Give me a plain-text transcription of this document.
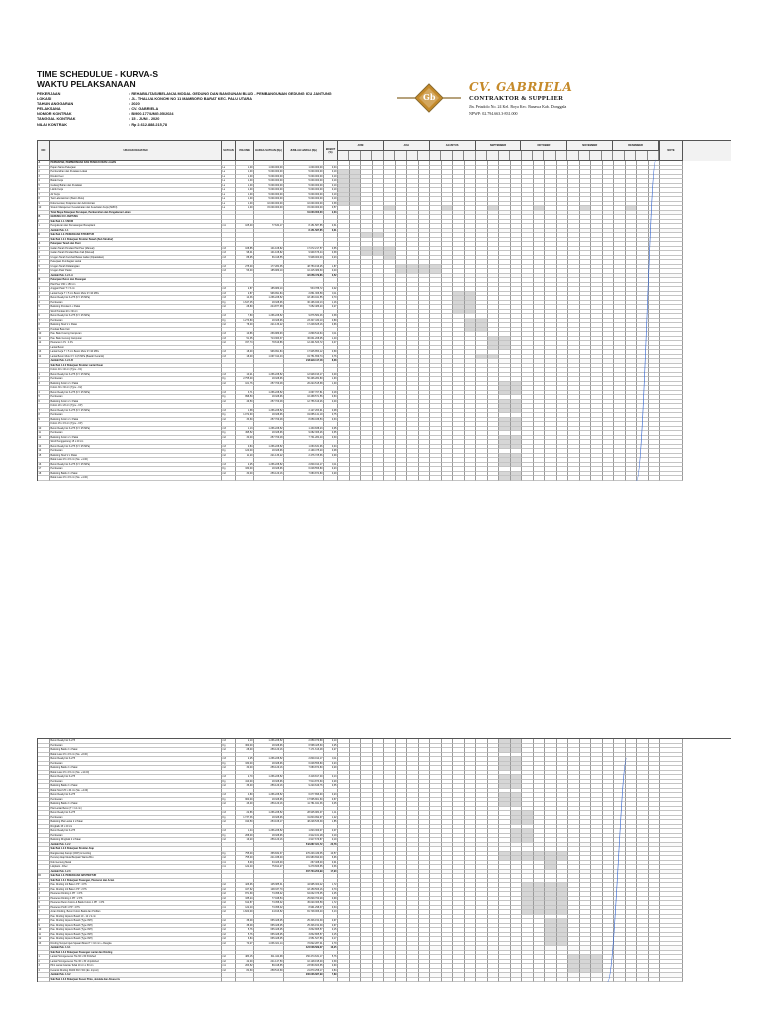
TIME SCHEDULUE - KURVA-S
WAKTU PELAKSANAAN
PEKERJAAN	: REHABILITASI/BELANJA MODAL GEDUNG DAN BANGUNAN BLUD - PEMBANGUNAN GEDUNG ICU JANTUNG
LOKASI	: JL. THALUA KONCHI NO 11 MAMBORO BARAT KEC. PALU UTARA
TAHUN ANGGARAN	: 2020
PELAKSANA	: CV. GABRIELA
NOMOR KONTRAK	: B/900.177/UMG.05/2024
TANGGAL KONTRAK	: 15 - JUNI - 2020
NILAI KONTRAK	: Rp 2.612.888.215,78
Gb
CV. GABRIELA
CONTRAKTOR & SUPPLIER
Jln. Petadolo No. 24 Kel. Boya Kec. Banawa Kab. Donggala
NPWP: 02.794.663.3-831.000
NO	URAIAN KEGIATAN	SATUAN	VOLUME	HARGA SATUAN (Rp)	JUMLAH HARGA (Rp)	BOBOT (%)
JUNI	JULI	AGUSTUS	SEPTEMBER	OKTOBER	NOVEMBER	DESEMBER
NOTE
A	PERSIAPAN, PEMBERSIHAN DAN PENGUKURAN LAHAN
1	Papan Nama Pekerjaan	Ls	1,00	1.000.000,00	1.000.000,00	0,04
2	Pembersihan dan Perataan Lokasi	Ls	1,00	5.000.000,00	5.000.000,00	0,19
3	Direksi Keet	Ls	1,00	5.000.000,00	5.000.000,00	0,19
4	Barak Kerja	Ls	1,00	5.000.000,00	5.000.000,00	0,19
5	Gudang Bahan dan Peralatan	Ls	1,00	5.000.000,00	5.000.000,00	0,19
6	Listrik Kerja	Ls	1,00	5.000.000,00	5.000.000,00	0,19
7	Air Kerja	Ls	1,00	5.000.000,00	5.000.000,00	0,19
8	Test Laboratorium (Beton Mutu)	Ls	1,00	5.000.000,00	5.000.000,00	0,19
9	Dokumentasi, Pelaporan dan Administrasi	Ls	1,00	10.000.000,00	10.000.000,00	0,38
10	Sistem Manajemen Keselamatan dan Kesehatan Kerja (SMK3)	Ls	1,00	15.000.000,00	15.000.000,00	0,57
Total Biaya Pekerjaan Persiapan, Pembersihan dan Pengukuran Lahan	61.000.000,00	2,33
B	GEDUNG ICU JANTUNG
I	Sub Bab 1.1. UMUM
1	Pengukuran dan Pemasangan Bouwplank	m1	105,00	77.634,17	8.151.587,85	0,31
Jumlah Pek. 1.1	8.151.587,85	0,31
II	Sub Bab 1.2. PEKERJAAN STRUKTUR
Sub Bab 1.2.1 Pekerjaan Struktur Bawah (Sub Struktur)
A	Pekerjaan Tanah dan Pasir
1	Galian Tanah Pondasi Plat Poer (Manual)	m3	168,85	101.108,82	17.072.217,57	0,65
2	Galian Tanah Pondasi Batu Kali (Manual)	m3	98,01	101.108,82	9.909.676,44	0,38
3	Urugan Tanah Kembali Bekas Galian (Dipadatkan)	m3	88,95	66.418,55	5.908.000,00	0,23
4	Pekerjaan Pembagian Lantai
5	Urugan Tanah Didatangkan	m3	275,00	177.284,35	48.753.196,25	1,87
6	Urugan Pasir Padat	m3	56,00	185.989,10	10.415.389,60	0,40
Jumlah Pek. 1.2.1.A	92.058.479,86	3,52
B	Pekerjaan Beton dan Pasangan
Plat Poer 150 x 150 cm
1	Anggari Pasir T = 5 cm	m3	2,87	185.989,10	533.788,72	0,02
2	Lantai Kerja T = 5 cm Beton Mutu fc'=10 MPa	m3	2,87	996.991,84	2.861.366,59	0,11
3	Beton Readymix K-275 (fc'= 25 MPa)	m3	14,36	1.266.228,52	18.183.041,55	0,70
4	Pembesian	Kg	1.647,45	18.328,96	30.196.040,13	1,16
5	Bekisting Pondasi 1 x Pakai	m2	28,80	244.877,98	7.052.486,20	0,27
Sloof Pondasi 20 x 30 cm
6	Beton Readymix K-275 (fc'= 25 MPa)	m3	7,80	1.266.228,52	9.876.582,46	0,38
7	Pembesian	Kg	1.273,80	18.328,96	23.347.430,10	0,89
8	Bekisting Sloof 2 x Pakai	m2	78,00	221.136,22	17.248.625,16	0,66
9	Pondasi Batu Kali
10	Pas. Batu Kosong Campuran	m3	10,86	266.989,93	2.899.510,64	0,11
11	Pas. Batu Gunung Campuran	m3	51,35	713.363,37	36.631.208,05	1,40
12	Plesteran 1 Pc : 4 Ps	m2	157,74	78.619,86	12.401.523,72	0,47
Lantai Beton
13	Lantai Kerja T = 5 cm Beton Mutu fc'=10 MPa	m3	18,00	996.991,84	17.945.853,12	0,69
14	Lantai Beton Mutu fc'= 14,5 MPa (Bawah Keramik)	m3	18,00	1.097.314,43	19.751.659,74	0,76
Jumlah Pek. 1.2.1.B	218.929.117,18	8,38
Sub Bab 1.2.2 Pekerjaan Struktur Lantai Dasar
Kolom 40 x 40 cm (Type - K1)
1	Beton Readymix K-275 (fc'= 25 MPa)	m3	10,21	1.266.228,52	12.928.193,17	0,49
2	Pembesian	Kg	2.755,00	18.328,96	50.496.284,80	1,93
3	Bekisting Kolom 2 x Pakai	m2	101,76	257.709,48	26.224.515,68	1,00
Kolom 30 x 30 cm (Type - K2)
4	Beton Readymix K-275 (fc'= 25 MPa)	m3	3,71	1.266.228,52	4.697.707,81	0,18
5	Pembesian	Kg	898,50	18.328,96	16.468.571,56	0,63
6	Bekisting Kolom 2 x Pakai	m2	49,50	257.709,48	12.756.619,26	0,49
Kolom 20 x 20 cm (Type - KP)
7	Beton Readymix K-275 (fc'= 25 MPa)	m3	1,68	1.266.228,52	2.127.263,91	0,08
8	Pembesian	Kg	1.072,90	18.328,96	19.665.141,19	0,75
9	Bekisting Kolom 2 x Pakai	m2	33,60	257.709,48	8.659.038,53	0,33
Kolom 15 x 15 cm (Type - KP)
10	Beton Readymix K-275 (fc'= 25 MPa)	m3	1,13	1.266.228,52	1.430.838,23	0,05
11	Pembesian	Kg	495,52	18.328,96	9.082.366,26	0,35
12	Bekisting Kolom 2 x Pakai	m2	30,00	257.709,48	7.731.284,40	0,30
Sloof Penggantung 15 x 20 cm
13	Beton Readymix K-275 (fc'= 25 MPa)	m3	0,84	1.266.228,52	1.063.631,96	0,04
14	Pembesian	Kg	120,00	18.328,96	2.199.475,20	0,08
15	Bekisting Sloof 2 x Pakai	m2	11,20	221.136,22	2.476.725,66	0,09
Balok Latei 15 x 15 cm (Sle. +4.00)
16	Beton Readymix K-275 (fc'= 25 MPa)	m3	2,25	1.266.228,52	2.849.014,17	0,11
17	Pembesian	Kg	330,00	18.328,96	6.048.556,80	0,23
18	Bekisting Balok 2 x Pakai	m2	30,00	256.129,16	7.683.874,80	0,29
Balok Latei 15 x 15 cm (Sle. +4.00)
Beton Readymix K-275	m3	2,10	1.266.228,52	2.659.079,89	0,10
Pembesian	Kg	360,00	18.328,96	6.598.425,60	0,25
Bekisting Balok 2 x Pakai	m2	28,00	256.129,16	7.171.616,48	0,27
Balok Latei 15 x 15 cm (Sle. +8.00)
Beton Readymix K-275	m3	2,25	1.266.228,52	2.849.014,17	0,11
Pembesian	Kg	330,00	18.328,96	6.048.556,80	0,23
Bekisting Balok 2 x Pakai	m2	30,00	256.129,16	7.683.874,80	0,29
Balok Latei 15 x 15 cm (Sle. +12.00)
Beton Readymix K-275	m3	2,70	1.266.228,52	3.418.817,00	0,13
Pembesian	Kg	410,00	18.328,96	7.514.873,60	0,29
Bekisting Balok 2 x Pakai	m2	36,00	256.129,16	9.220.649,76	0,35
Balok Sloof 25 x 40 cm (Sle. +4.00)
Beton Readymix K-275	m3	4,80	1.266.228,52	6.077.896,90	0,23
Pembesian	Kg	960,00	18.328,96	17.595.801,60	0,67
Bekisting Balok 2 x Pakai	m2	46,00	256.129,16	11.781.941,36	0,45
Plat Lantai Beton (T = 12 cm)
Beton Readymix K-275	m3	22,86	1.266.228,52	28.945.984,07	1,11
Pembesian	Kg	1.737,36	18.328,96	31.843.992,97	1,22
Bekisting Plat Lantai 2 x Pakai	m2	190,50	253.168,17	48.228.536,39	1,85
Ringbalk 15 x 20 cm
Beton Readymix K-275	m3	1,44	1.266.228,52	1.823.369,07	0,07
Pembesian	Kg	268,00	18.328,96	4.912.161,28	0,19
Bekisting Ringbalk 2 x Pakai	m2	19,20	256.129,16	4.917.679,87	0,19
Jumlah Pek. 1.2.2	542.887.021,72	20,78
Sub Bab 1.2.3 Pekerjaan Struktur Atap
Rangka Atap Kanopi (CNP) & Gording	Kg	755,00	365.832,37	276.203.439,35	10,57
Penutup Atap Metal Berpasir Warna Biru	m2	755,00	241.038,00	181.983.690,00	6,96
Nok Genteng Metal	m1	8,00	33.426,00	267.408,00	0,01
Listplank - Fiber	m1	122,40	75.814,27	9.279.666,65	0,36
Jumlah Pek. 1.2.3	467.734.203,99	17,90
III	Sub Bab 1.3. PEKERJAAN ARSITEKTUR
Sub Bab 1.3.1 Pekerjaan Pasangan, Plesteran dan Acian
1	Pas. Dinding 1/2 Bata 1 PP : 4 PS	m2	426,96	105.385,31	44.995.300,42	1,72
2	Pas. Dinding 1/2 Bata 1 PP : 2 PS	m2	167,62	108.337,70	18.159.566,16	0,70
3	Plesteran Dinding 1 PP : 4 PS	m2	871,69	73.458,32	64.032.376,35	2,45
4	Plesteran Dinding 1 PP : 2 PS	m2	335,24	77.048,54	25.829.760,29	0,99
5	Plesteran Beton Kolom & Balok Kolom 1 PP : 4 PS	m2	612,87	73.458,32	45.020.366,59	1,72
6	Plesteran Profil 1 PP : 4 PS	m1	122,40	73.458,32	8.991.298,37	0,34
7	Acian Dinding, Beton Kolom Balok dan Profilan	m2	1.820,00	44.916,52	81.748.066,40	3,13
Pas. Dinding Gipsum Board 10 - 12 x 9 cm
8	Pas. Dinding Gipsum Board (Type 09H)	m2	38,09	665.428,05	25.346.154,39	0,97
9	Pas. Dinding Gipsum Board (Type 09H)	m2	38,09	665.428,05	25.346.154,39	0,97
10	Pas. Dinding Gipsum Board (Type 09H)	m2	5,76	665.428,05	3.832.865,57	0,15
11	Pas. Dinding Gipsum Board (Type 09H)	m2	5,76	665.428,05	3.832.865,57	0,15
12	Pas. Dinding Gipsum Board (Type 09H)	m2	6,84	665.428,05	4.551.527,86	0,17
13	Dinding Tempel Injek Spasari Board T = 10 mm + Rangka	m2	70,27	1.036.321,14	72.822.287,01	2,79
Jumlah Pek. 1.3.1	424.508.589,37	16,25
Sub Bab 1.3.2 Pekerjaan Pasangan Lantai dan Dinding
1	Lantai Homogeneous Tile 60 x 60 Polished	m2	483,15	311.444,98	150.474.631,17	5,76
2	Lantai Homogeneous Tile 30 x 30 Unpolished	m2	42,00	241.147,50	10.128.195,00	0,39
3	Plint Lantai Granite Tebal 10 cm x 60 cm	m1	263,52	89.418,65	23.563.603,65	0,90
4	Keramik Dinding 30x60 KM / WC (Ex. Import)	m2	84,60	258.513,69	21.870.258,17	0,84
Jumlah Pek. 1.3.2	206.036.687,99	7,89
Sub Bab 1.3.3 Pekerjaan Kusen Pintu, Jendela dan Aksesoris
